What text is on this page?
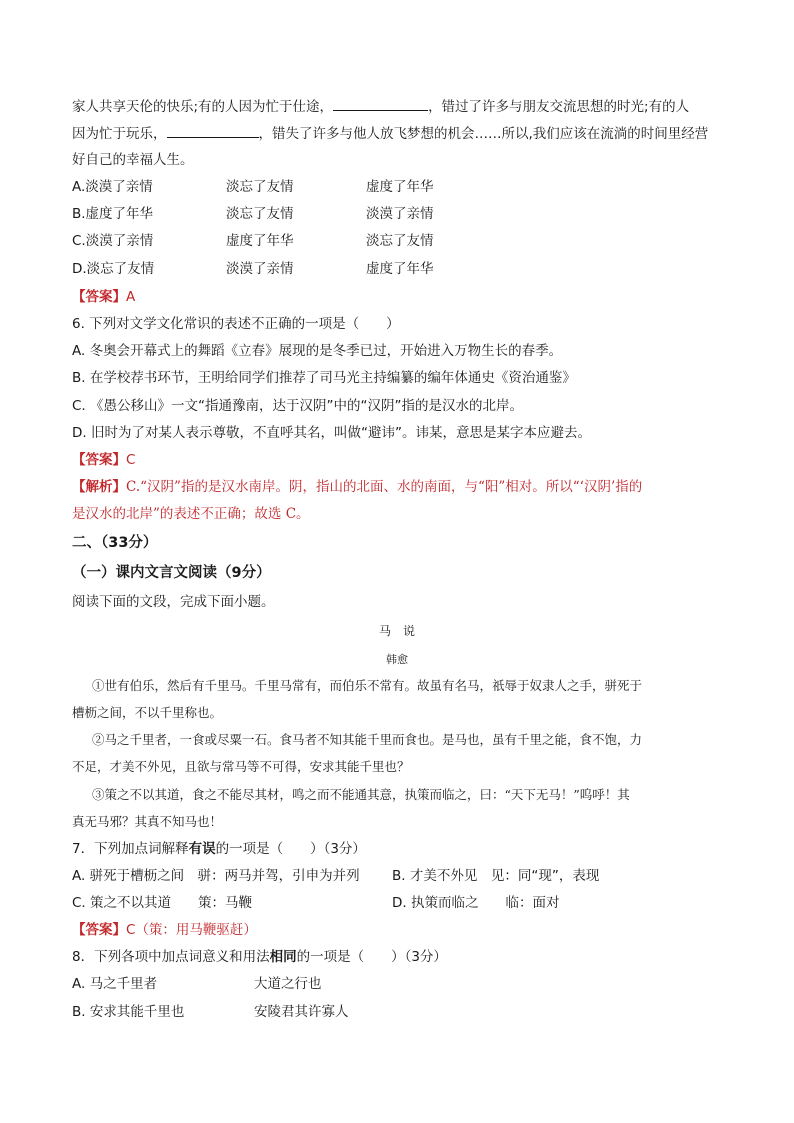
家人共享天伦的快乐;有的人因为忙于仕途，	，错过了许多与朋友交流思想的时光;有的人
因为忙于玩乐，	，错失了许多与他人放飞梦想的机会……所以,我们应该在流淌的时间里经营
好自己的幸福人生。
A.淡漠了亲情	淡忘了友情	虚度了年华
B.虚度了年华	淡忘了友情	淡漠了亲情
C.淡漠了亲情	虚度了年华	淡忘了友情
D.淡忘了友情	淡漠了亲情	虚度了年华
【答案】A
6. 下列对文学文化常识的表述不正确的一项是（　　）
A. 冬奥会开幕式上的舞蹈《立春》展现的是冬季已过，开始进入万物生长的春季。
B. 在学校荐书环节，王明给同学们推荐了司马光主持编纂的编年体通史《资治通鉴》
C. 《愚公移山》一文“指通豫南，达于汉阴”中的“汉阴”指的是汉水的北岸。
D. 旧时为了对某人表示尊敬，不直呼其名，叫做“避讳”。讳某，意思是某字本应避去。
【答案】C
【解析】C.“汉阴”指的是汉水南岸。阴，指山的北面、水的南面，与“阳”相对。所以“‘汉阴’指的
是汉水的北岸”的表述不正确；故选 C。
二、（33分）
（一）课内文言文阅读（9分）
阅读下面的文段，完成下面小题。
马　说
韩愈
①世有伯乐，然后有千里马。千里马常有，而伯乐不常有。故虽有名马，祇辱于奴隶人之手，骈死于
槽枥之间，不以千里称也。
②马之千里者，一食或尽粟一石。食马者不知其能千里而食也。是马也，虽有千里之能，食不饱，力
不足，才美不外见，且欲与常马等不可得，安求其能千里也？
③策之不以其道，食之不能尽其材，鸣之而不能通其意，执策而临之，曰：“天下无马！”呜呼！其
真无马邪？其真不知马也！
7．下列加点词解释有误的一项是（　　）（3分）
A. 骈死于槽枥之间　骈：两马并驾，引申为并列 B. 才美不外见　见：同“现”，表现
C. 策之不以其道　　策：马鞭	D. 执策而临之　　临：面对
【答案】C（策：用马鞭驱赶）
8．下列各项中加点词意义和用法相同的一项是（　　）（3分）
A. 马之千里者	大道之行也
B. 安求其能千里也	安陵君其许寡人
